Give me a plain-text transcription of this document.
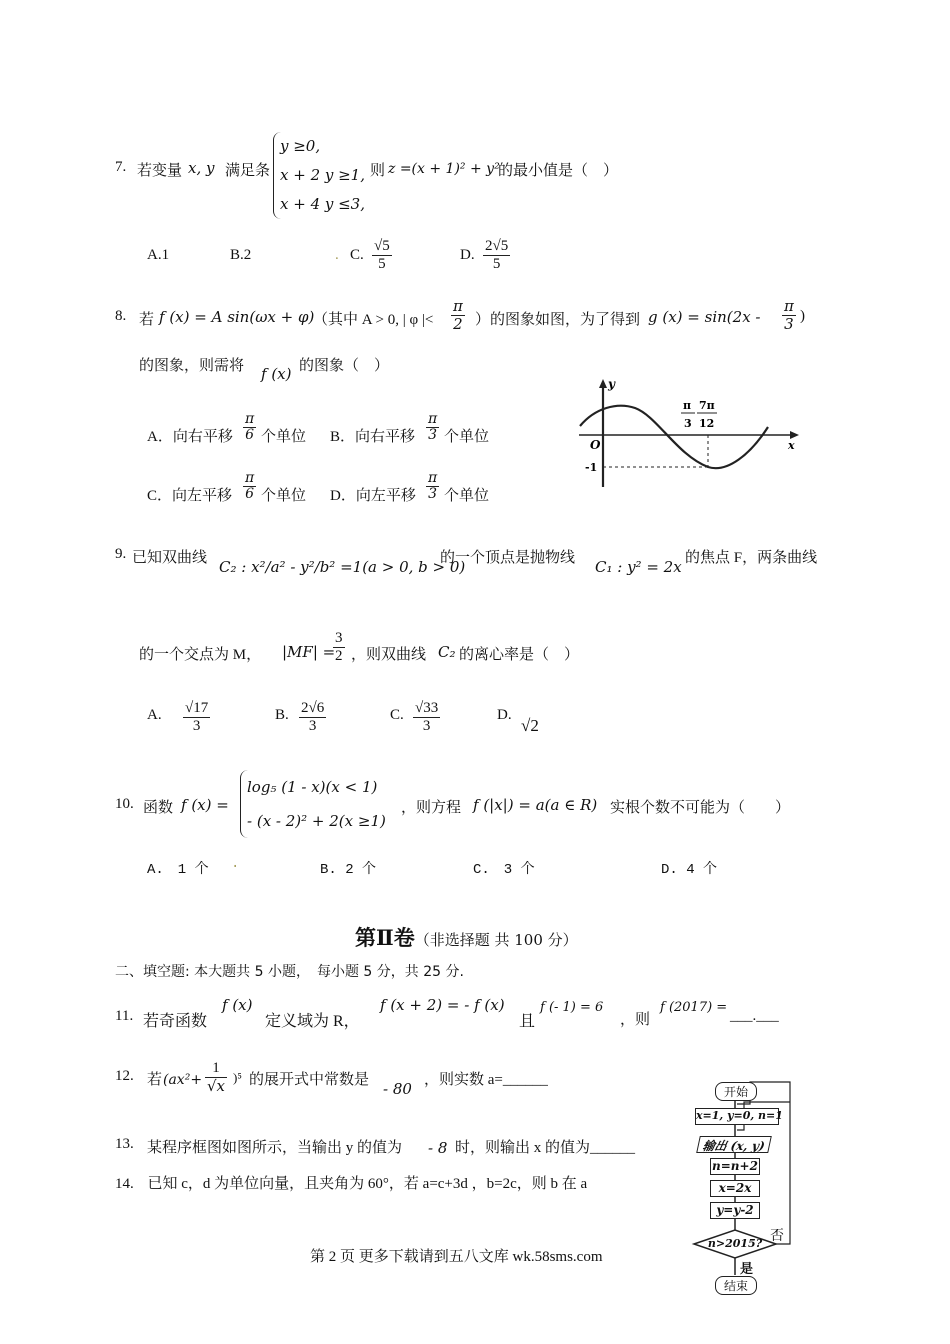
7. 若变量 x, y 满足条
y ≥0,
x + 2 y ≥1,
x + 4 y ≤3,
则 z =(x + 1)² + y²
的最小值是（　）
A.1	B.2	. C. $\frac{√5}{5}$	D. $\frac{2√5}{5}$
8. 若 f (x) = A sin(ωx + φ)
（其中 A > 0, | φ |< $\frac{\pi}{2}$ ）的图象如图，为了得到 g $(x) = \sin(2x - \frac{\pi}{3}$ )
的图象，则需将 f (x) 的图象（　）
A．向右平移 $\frac{\pi}{6}$ 个单位 B．向右平移 $\frac{\pi}{3}$ 个单位
C．向左平移 $\frac{\pi}{6}$ 个单位 D．向左平移 $\frac{\pi}{3}$ 个单位
y
x
O
π
3
7π
12
-1
9. 已知双曲线 C₂ : x²/a² - y²/b² =1(a > 0, b > 0)
的一个顶点是抛物线 C₁ : y² = 2x 的焦点 F，两条曲线
的一个交点为 M， |MF| =
$\frac{3}{2}$ ，则双曲线 C₂ 的离心率是（　）
A. $\frac{√17}{3}$	B. $\frac{2√6}{3}$	C. $\frac{√33}{3}$	D.
√2
10. 函数 f (x) =
log₅ (1 - x)(x < 1)
- (x - 2)² + 2(x ≥1)
，则方程 f (|x|) = a(a ∈ R) 实根个数不可能为（　　）
A.　1 个 .	B. 2 个	C.　3 个	D. 4 个
第Ⅱ卷（非选择题 共 100 分）
二、填空题: 本大题共 5 小题，　每小题 5 分，共 25 分.
11. 若奇函数
f (x)
定义域为 R，
f (x + 2) = - f (x)
且
f (- 1) = 6
，则
f (2017) =
___.___
12. 若 $(ax^2+ \frac{1}{√x} )^5$ 的展开式中常数是 - 80 ，则实数 a=______
13. 某程序框图如图所示，当输出 y 的值为 - 8 时，则输出 x 的值为______
14. 已知 c，d 为单位向量，且夹角为 60°，若 a=c+3d ，b=2c，则 b 在 a
开始
x=1, y=0, n=1
输出 (x, y)
n=n+2
x=2x
y=y-2
n>2015? 否
是
结束
第 2 页 更多下载请到五八文库 wk.58sms.com
